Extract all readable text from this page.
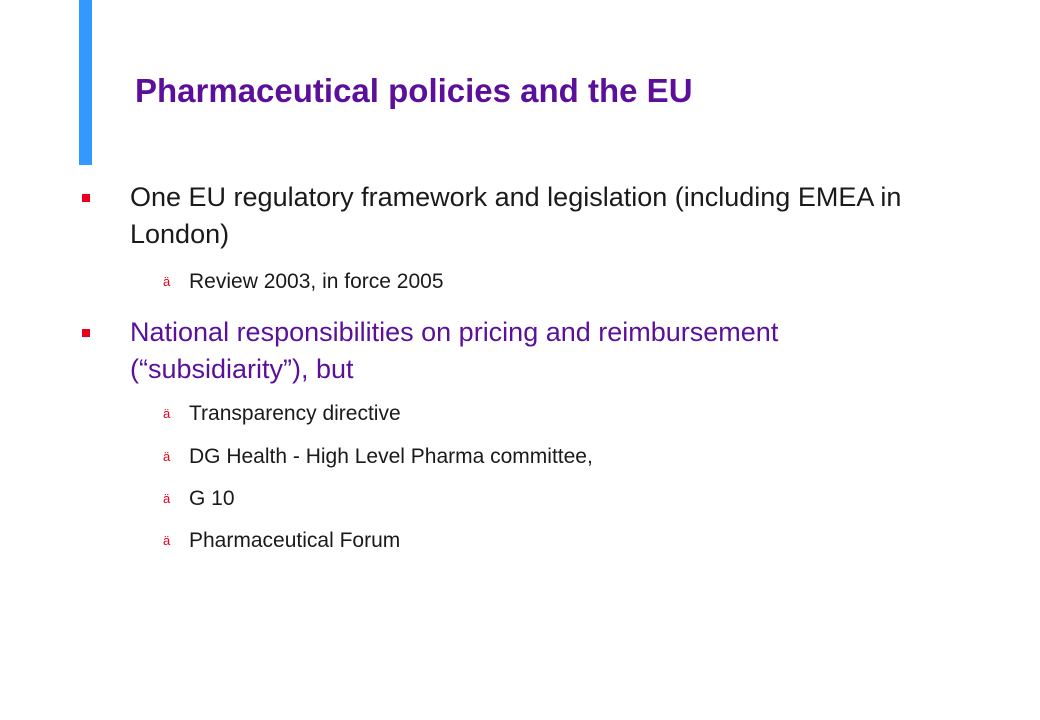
Pharmaceutical policies and the EU
One EU regulatory framework and legislation (including EMEA in London)
ä Review 2003, in force 2005
National responsibilities on pricing and reimbursement (“subsidiarity”), but
ä Transparency directive
ä DG Health - High Level Pharma committee,
ä G 10
ä Pharmaceutical Forum
